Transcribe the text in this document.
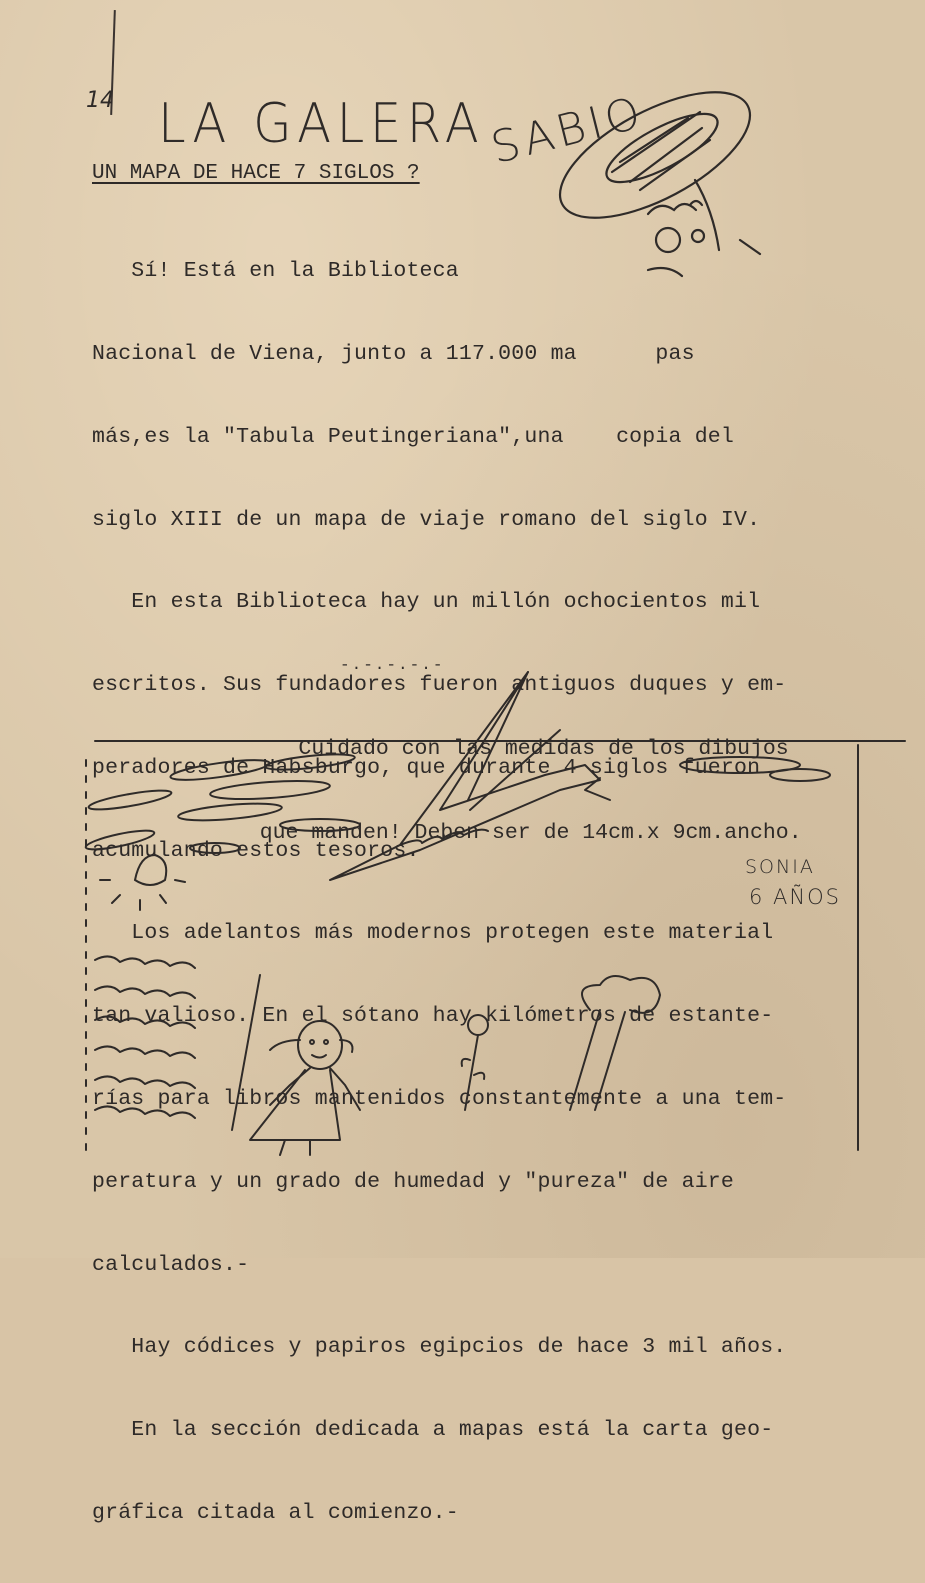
14 LA GALERA SABIO
UN MAPA DE HACE 7 SIGLOS ?

Sí! Está en la Biblioteca

Nacional de Viena, junto a 117.000 ma      pas

más,es la "Tabula Peutingeriana",una    copia del

siglo XIII de un mapa de viaje romano del siglo IV.

En esta Biblioteca hay un millón ochocientos mil

escritos. Sus fundadores fueron antiguos duques y em-

peradores de Habsburgo, que durante 4 siglos fueron

acumulando estos tesoros.

Los adelantos más modernos protegen este material

tan valioso. En el sótano hay kilómetros de estante-

rías para libros mantenidos constantemente a una tem-

peratura y un grado de humedad y "pureza" de aire

calculados.-

Hay códices y papiros egipcios de hace 3 mil años.

En la sección dedicada a mapas está la carta geo-

gráfica citada al comienzo.-

-.-.-.-.-

Cuidado con las medidas de los dibujos

que manden! Deben ser de 14cm.x 9cm.ancho.

SONIA
6 AÑOS
